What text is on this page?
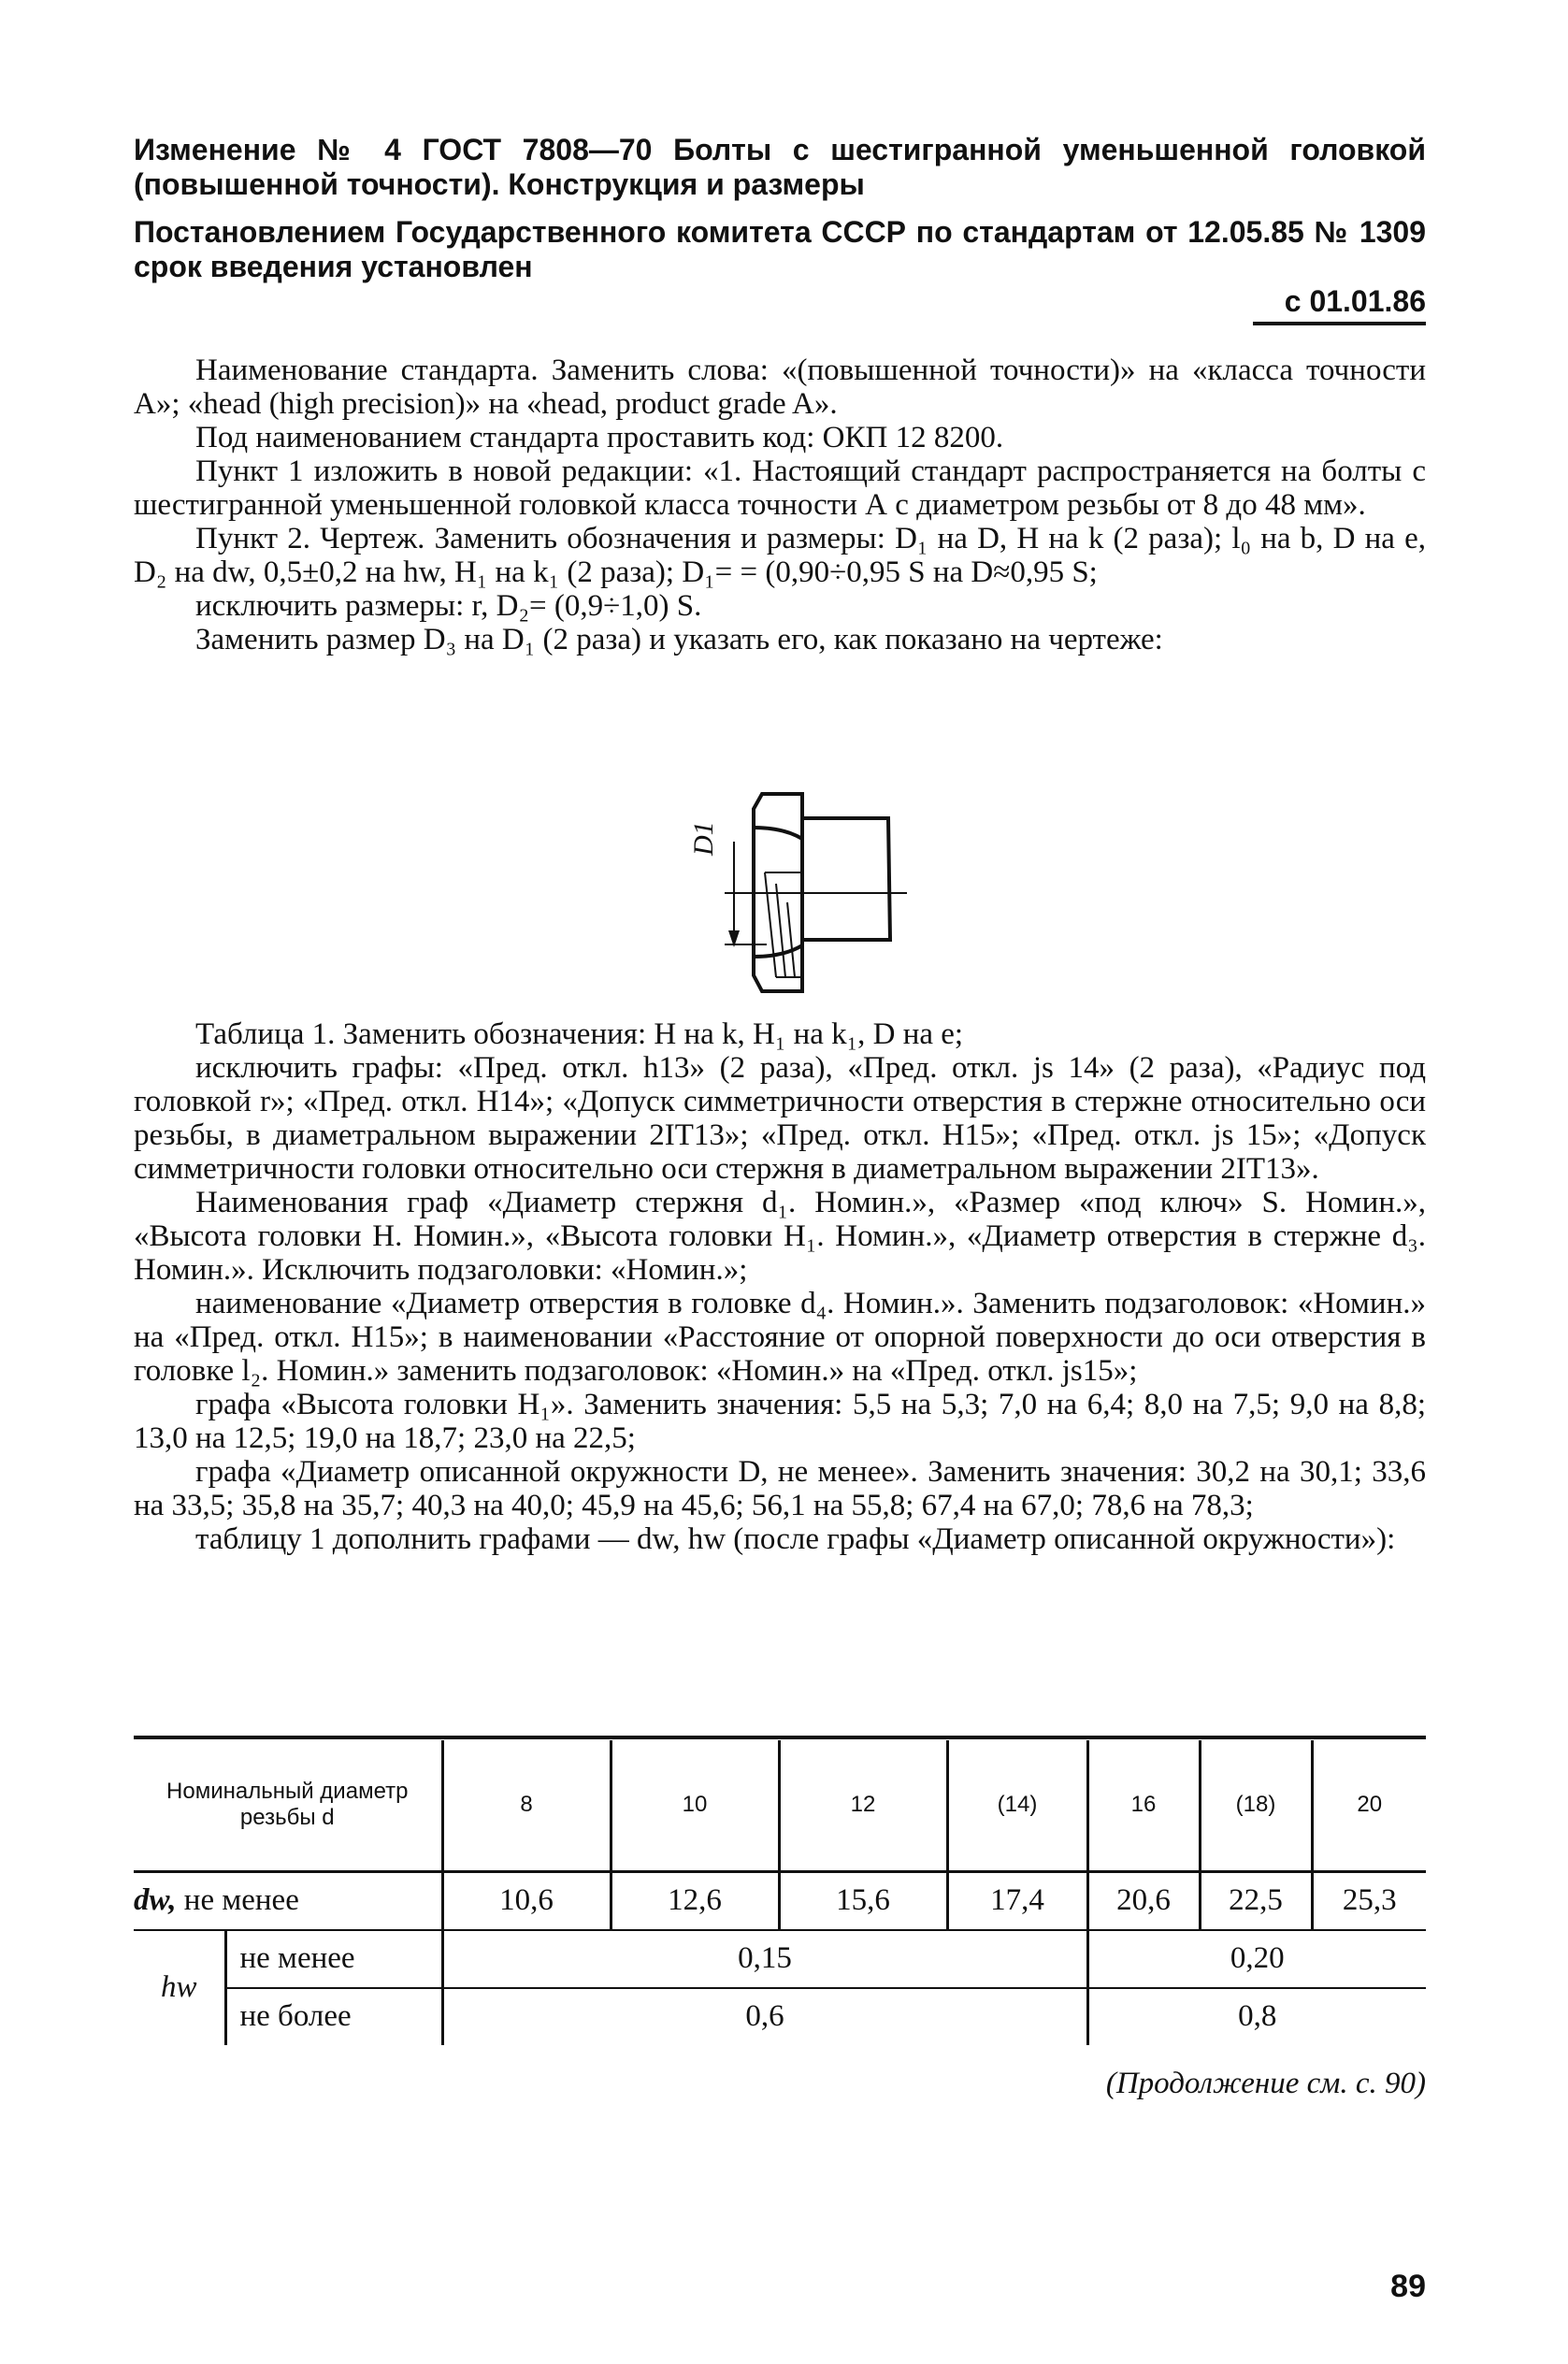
Изменение № 4 ГОСТ 7808—70 Болты с шестигранной уменьшенной головкой (повышенной точности). Конструкция и размеры
Постановлением Государственного комитета СССР по стандартам от 12.05.85 № 1309 срок введения установлен
с 01.01.86

Наименование стандарта. Заменить слова: «(повышенной точности)» на «класса точности А»; «head (high precision)» на «head, product grade A».

Под наименованием стандарта проставить код: ОКП 12 8200.

Пункт 1 изложить в новой редакции: «1. Настоящий стандарт распространяется на болты с шестигранной уменьшенной головкой класса точности А с диаметром резьбы от 8 до 48 мм».

Пункт 2. Чертеж. Заменить обозначения и размеры: D₁ на D, H на k (2 раза); l₀ на b, D на e, D₂ на dw, 0,5±0,2 на hw, H₁ на k₁ (2 раза); D₁= = (0,90÷0,95 S на D≈0,95 S;

исключить размеры: r, D₂= (0,9÷1,0) S.

Заменить размер D₃ на D₁ (2 раза) и указать его, как показано на чертеже:

D1

Таблица 1. Заменить обозначения: H на k, H₁ на k₁, D на e;

исключить графы: «Пред. откл. h13» (2 раза), «Пред. откл. js 14» (2 раза), «Радиус под головкой r»; «Пред. откл. H14»; «Допуск симметричности отверстия в стержне относительно оси резьбы, в диаметральном выражении 2IT13»; «Пред. откл. H15»; «Пред. откл. js 15»; «Допуск симметричности головки относительно оси стержня в диаметральном выражении 2IT13».

Наименования граф «Диаметр стержня d₁. Номин.», «Размер «под ключ» S. Номин.», «Высота головки H. Номин.», «Высота головки H₁. Номин.», «Диаметр отверстия в стержне d₃. Номин.». Исключить подзаголовки: «Номин.»;

наименование «Диаметр отверстия в головке d₄. Номин.». Заменить подзаголовок: «Номин.» на «Пред. откл. H15»; в наименовании «Расстояние от опорной поверхности до оси отверстия в головке l₂. Номин.» заменить подзаголовок: «Номин.» на «Пред. откл. js15»;

графа «Высота головки H₁». Заменить значения: 5,5 на 5,3; 7,0 на 6,4; 8,0 на 7,5; 9,0 на 8,8; 13,0 на 12,5; 19,0 на 18,7; 23,0 на 22,5;

графа «Диаметр описанной окружности D, не менее». Заменить значения: 30,2 на 30,1; 33,6 на 33,5; 35,8 на 35,7; 40,3 на 40,0; 45,9 на 45,6; 56,1 на 55,8; 67,4 на 67,0; 78,6 на 78,3;

таблицу 1 дополнить графами — dw, hw (после графы «Диаметр описанной окружности»):

Номинальный диаметр резьбы d		8	10	12	(14)	16	(18)	20
dw, не менее		10,6	12,6	15,6	17,4	20,6	22,5	25,3
hw	не менее	0,15				0,20		
	не более	0,6				0,8		
(Продолжение см. с. 90)
89
